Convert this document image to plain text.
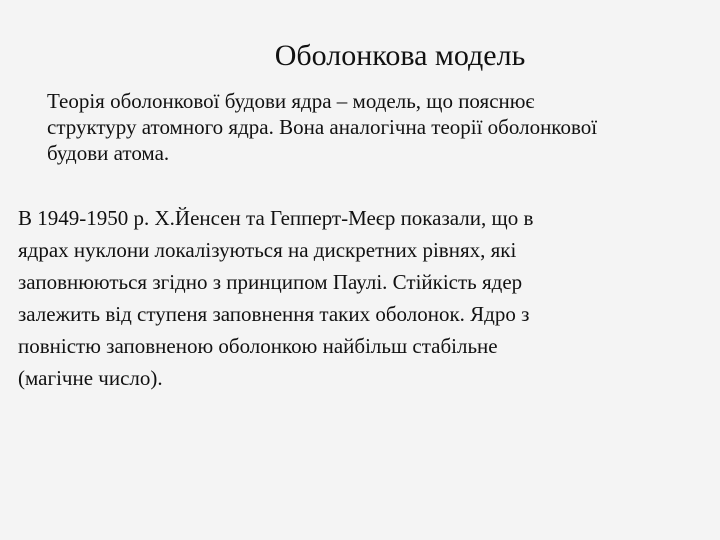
Оболонкова модель
Теорія оболонкової будови ядра – модель, що пояснює
структуру атомного ядра. Вона аналогічна теорії оболонкової
будови атома.
В 1949-1950 р. Х.Йенсен та Гепперт-Меєр показали, що в
ядрах нуклони локалізуються на дискретних рівнях, які
заповнюються згідно з принципом Паулі. Стійкість ядер
залежить від ступеня заповнення таких оболонок. Ядро з
повністю заповненою оболонкою найбільш стабільне
(магічне число).
